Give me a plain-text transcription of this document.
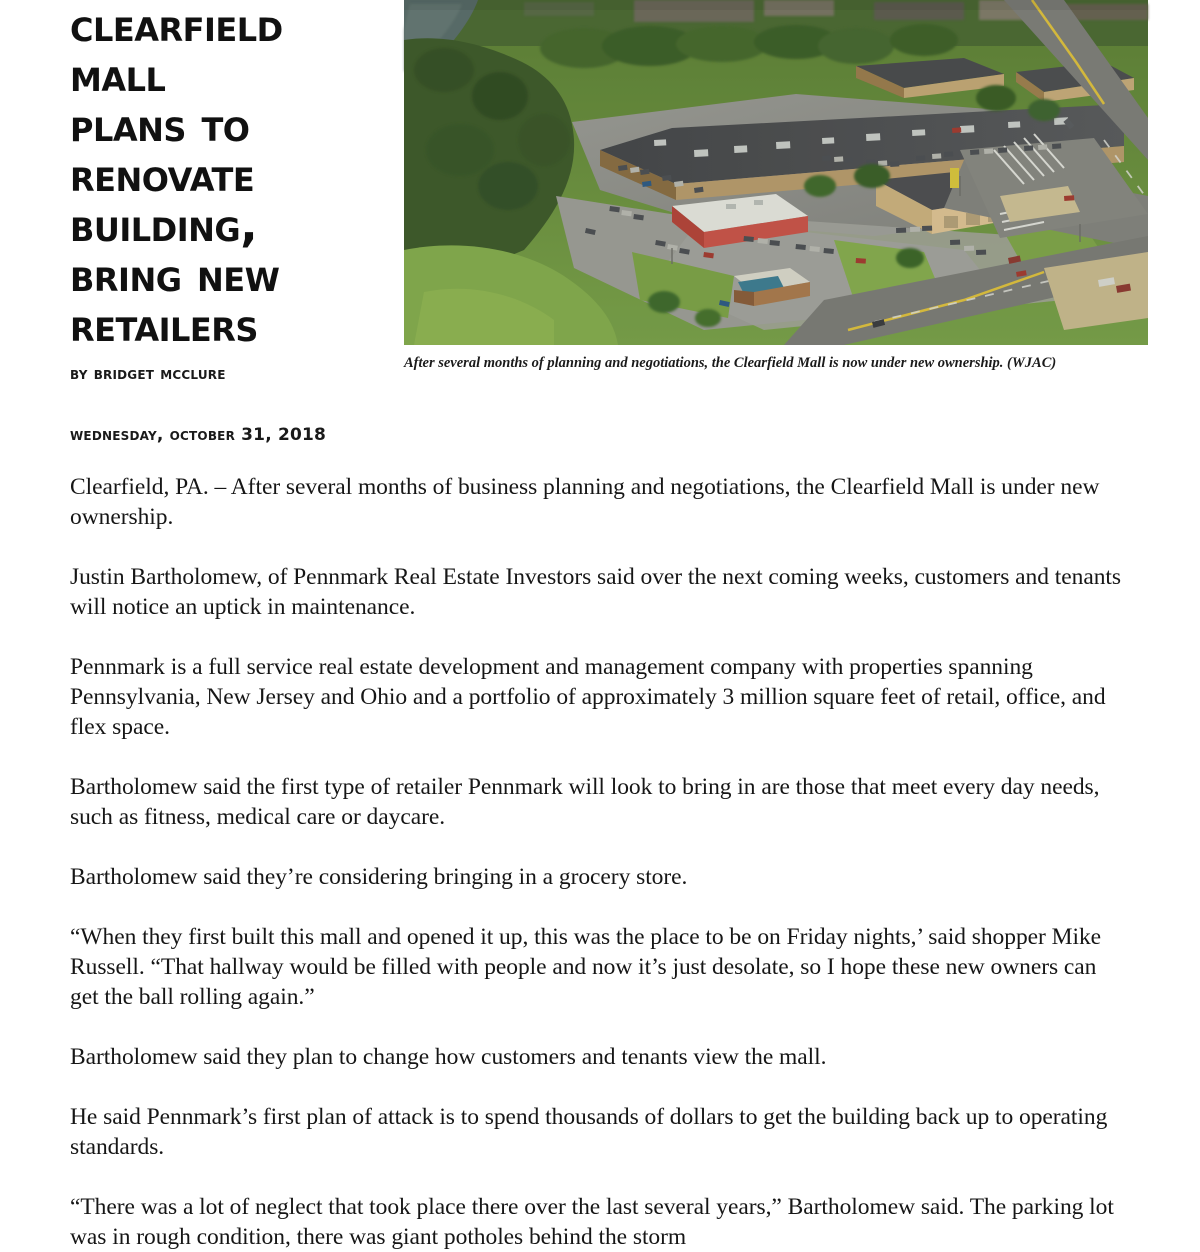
clearfield
mall
plans to
renovate
building,
bring new
retailers
by bridget mcclure
wednesday, october 31, 2018
After several months of planning and negotiations, the Clearfield Mall is now under new ownership. (WJAC)

Clearfield, PA. – After several months of business planning and negotiations, the Clearfield Mall is under new ownership.

Justin Bartholomew, of Pennmark Real Estate Investors said over the next coming weeks, customers and tenants will notice an uptick in maintenance.

Pennmark is a full service real estate development and management company with properties spanning Pennsylvania, New Jersey and Ohio and a portfolio of approximately 3 million square feet of retail, office, and flex space.

Bartholomew said the first type of retailer Pennmark will look to bring in are those that meet every day needs, such as fitness, medical care or daycare.

Bartholomew said they’re considering bringing in a grocery store.

“When they first built this mall and opened it up, this was the place to be on Friday nights,’ said shopper Mike Russell. “That hallway would be filled with people and now it’s just desolate, so I hope these new owners can get the ball rolling again.”

Bartholomew said they plan to change how customers and tenants view the mall.

He said Pennmark’s first plan of attack is to spend thousands of dollars to get the building back up to operating standards.

“There was a lot of neglect that took place there over the last several years,” Bartholomew said. The parking lot was in rough condition, there was giant potholes behind the storm
